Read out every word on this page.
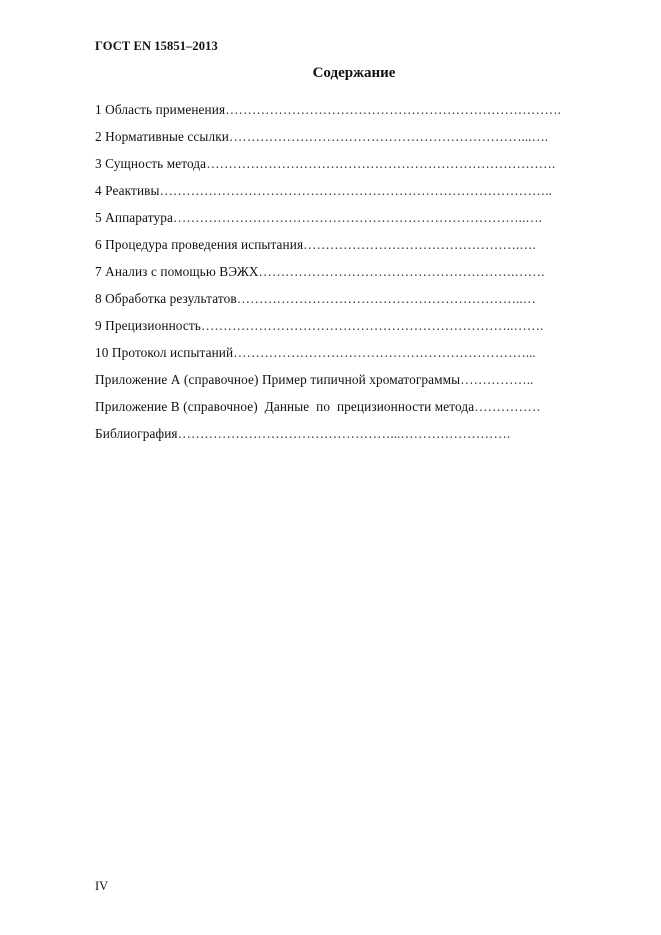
ГОСТ EN 15851–2013
Содержание
1 Область применения………………………………………………………………….
2 Нормативные ссылки…………………………………………………………...….
3 Сущность метода…………………………………………………………………….
4 Реактивы……………………………………………………………………………..
5 Аппаратура……………………………………………………………………..….
6 Процедура проведения испытания………………………………………….….
7 Анализ с помощью ВЭЖХ………………………………………………….…….
8 Обработка результатов………………………………………………………..…
9 Прецизионность……………………………………………………………..…….
10 Протокол испытаний…………………………………………………………...
Приложение А (справочное) Пример типичной хроматограммы……………..
Приложение В (справочное)  Данные  по  прецизионности метода……………
Библиография…………………………………………...…………………….
IV
